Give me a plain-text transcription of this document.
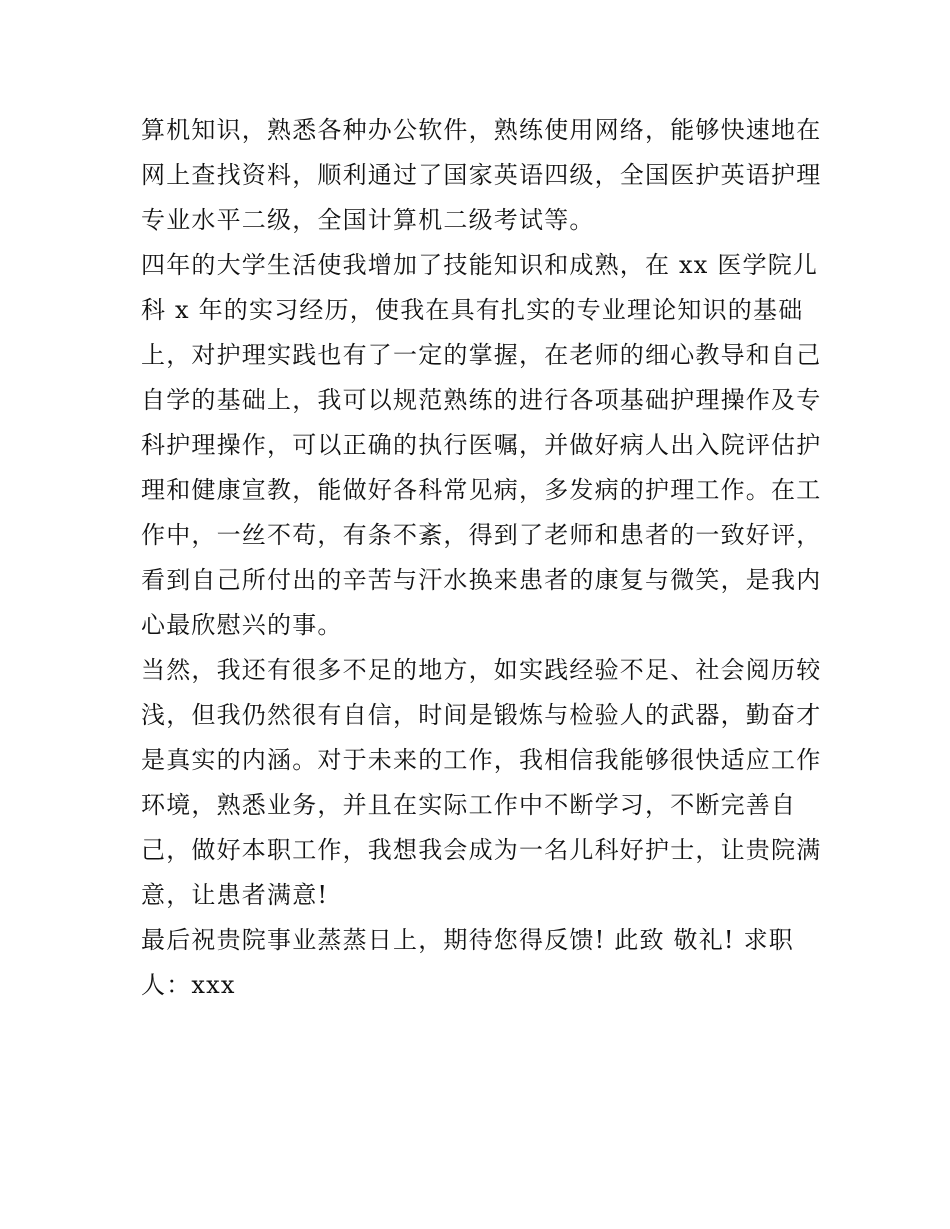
算机知识，熟悉各种办公软件，熟练使用网络，能够快速地在
网上查找资料，顺利通过了国家英语四级，全国医护英语护理
专业水平二级，全国计算机二级考试等。
四年的大学生活使我增加了技能知识和成熟，在 xx 医学院儿
科 x 年的实习经历，使我在具有扎实的专业理论知识的基础
上，对护理实践也有了一定的掌握，在老师的细心教导和自己
自学的基础上，我可以规范熟练的进行各项基础护理操作及专
科护理操作，可以正确的执行医嘱，并做好病人出入院评估护
理和健康宣教，能做好各科常见病，多发病的护理工作。在工
作中，一丝不苟，有条不紊，得到了老师和患者的一致好评，
看到自己所付出的辛苦与汗水换来患者的康复与微笑，是我内
心最欣慰兴的事。
当然，我还有很多不足的地方，如实践经验不足、社会阅历较
浅，但我仍然很有自信，时间是锻炼与检验人的武器，勤奋才
是真实的内涵。对于未来的工作，我相信我能够很快适应工作
环境，熟悉业务，并且在实际工作中不断学习，不断完善自
己，做好本职工作，我想我会成为一名儿科好护士，让贵院满
意，让患者满意!
最后祝贵院事业蒸蒸日上，期待您得反馈! 此致 敬礼! 求职
人：xxx
